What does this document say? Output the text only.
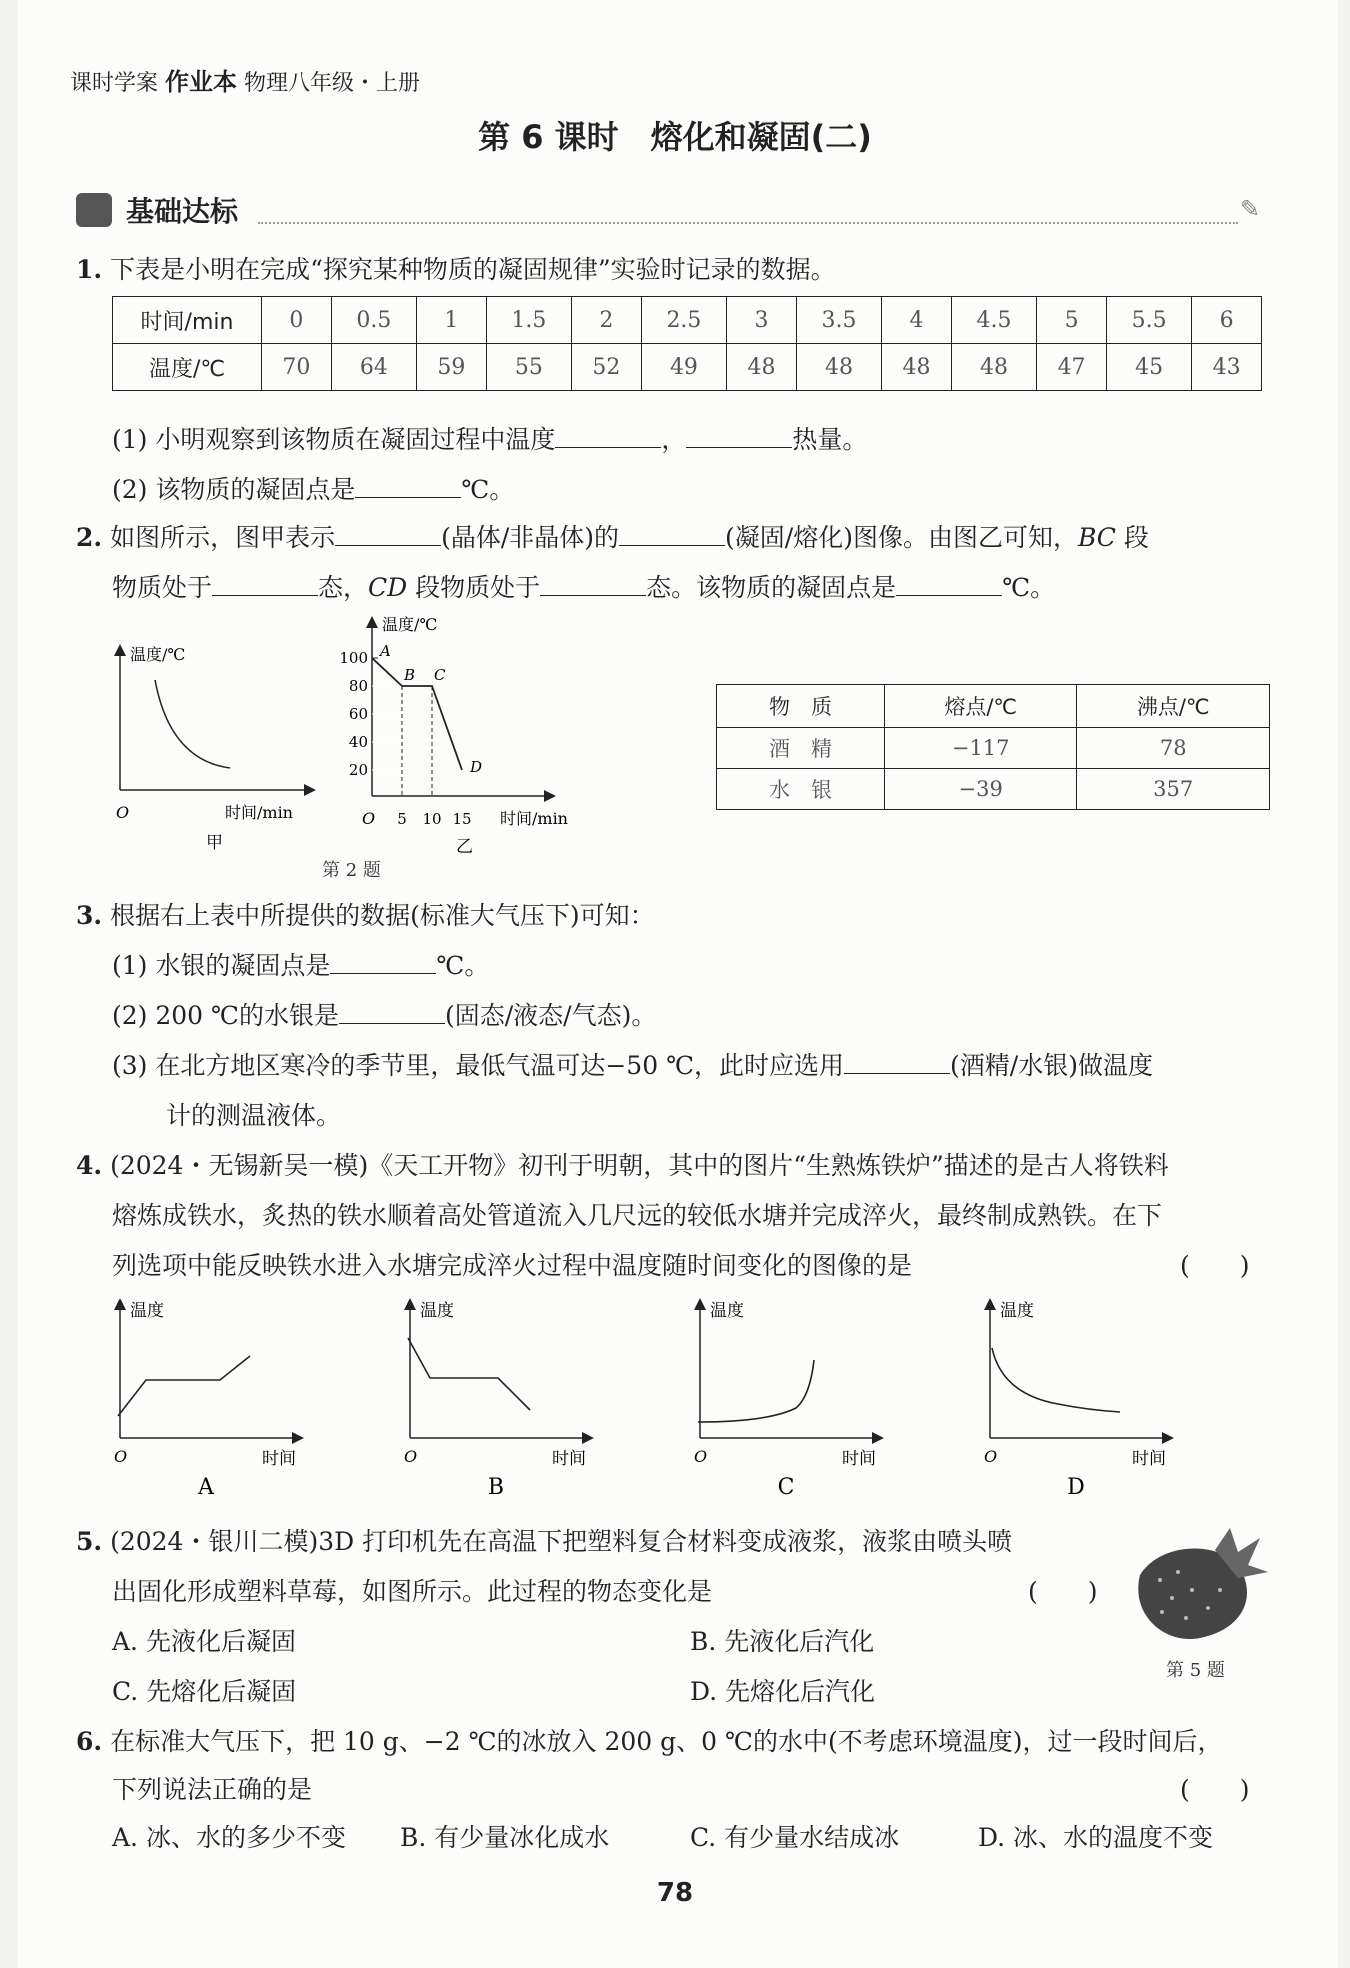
课时学案 作业本 物理八年级・上册
第 6 课时　熔化和凝固(二)
基础达标	✎
1. 下表是小明在完成“探究某种物质的凝固规律”实验时记录的数据。
时间/min	0	0.5	1	1.5	2	2.5	3	3.5	4	4.5	5	5.5	6
温度/℃	70	64	59	55	52	49	48	48	48	48	47	45	43
(1) 小明观察到该物质在凝固过程中温度	，	热量。
(2) 该物质的凝固点是	℃。
2. 如图所示，图甲表示	(晶体/非晶体)的	(凝固/熔化)图像。由图乙可知，BC 段
物质处于	态，CD 段物质处于	态。该物质的凝固点是	℃。
温度/℃
时间/min
O
甲
100
80
60
40
20
5 10 15
A
B C
D
温度/℃
时间/min
O
乙
第 2 题
物　质	熔点/℃	沸点/℃
酒　精	−117	78
水　银	−39	357
3. 根据右上表中所提供的数据(标准大气压下)可知：
(1) 水银的凝固点是	℃。
(2) 200 ℃的水银是	(固态/液态/气态)。
(3) 在北方地区寒冷的季节里，最低气温可达−50 ℃，此时应选用	(酒精/水银)做温度
计的测温液体。
4. (2024・无锡新吴一模)《天工开物》初刊于明朝，其中的图片“生熟炼铁炉”描述的是古人将铁料
熔炼成铁水，炙热的铁水顺着高处管道流入几尺远的较低水塘并完成淬火，最终制成熟铁。在下
列选项中能反映铁水进入水塘完成淬火过程中温度随时间变化的图像的是	(　　)
温度
时间
O
A
温度
时间
O
B
温度
时间
O
C
温度
时间
O
D
5. (2024・银川二模)3D 打印机先在高温下把塑料复合材料变成液浆，液浆由喷头喷
出固化形成塑料草莓，如图所示。此过程的物态变化是	(　　)
A. 先液化后凝固	B. 先液化后汽化
C. 先熔化后凝固	D. 先熔化后汽化
第 5 题
6. 在标准大气压下，把 10 g、−2 ℃的冰放入 200 g、0 ℃的水中(不考虑环境温度)，过一段时间后，
下列说法正确的是	(　　)
A. 冰、水的多少不变 B. 有少量冰化成水	C. 有少量水结成冰	D. 冰、水的温度不变
78
